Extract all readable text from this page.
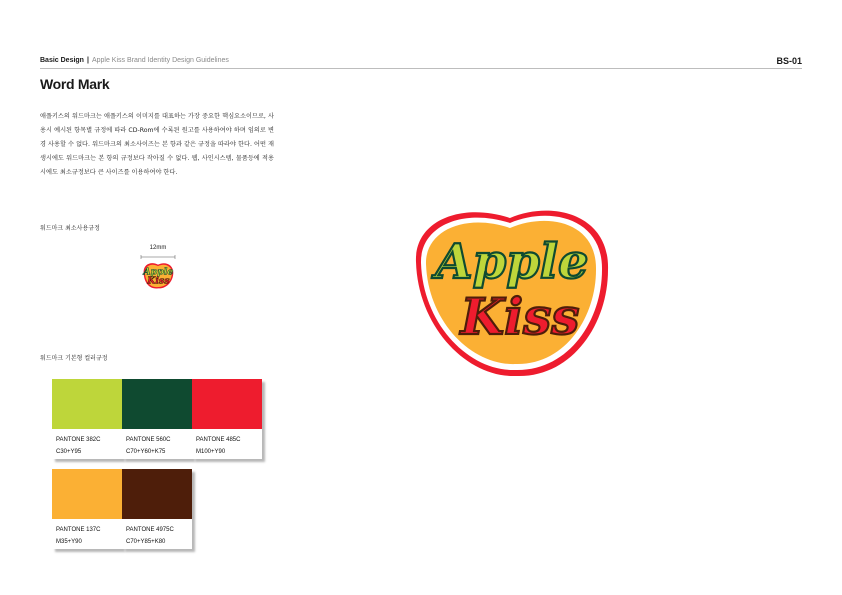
Basic Design | Apple Kiss Brand Identity Design Guidelines	BS-01
Word Mark
애플키스의 워드마크는 애플키스의 이미지를 대표하는 가장 중요한 핵심요소이므로, 사용시 예시된 항목별 규정에 따라 CD-Rom에 수록된 원고를 사용하여야 하며 임의로 변경 사용할 수 없다. 워드마크의 최소사이즈는 본 항과 같은 규정을 따라야 한다. 어떤 재생시에도 워드마크는 본 항의 규정보다 작아질 수 없다. 웹, 사인시스템, 물품등에 적용시에도 최소규정보다 큰 사이즈를 이용하여야 한다.
워드마크 최소사용규정
12mm
Apple
Kiss
워드마크 기본형 컬러규정
PANTONE 382C
C30+Y95
PANTONE 560C
C70+Y60+K75
PANTONE 485C
M100+Y90
PANTONE 137C
M35+Y90
PANTONE 4975C
C70+Y85+K80
Apple
Kiss
